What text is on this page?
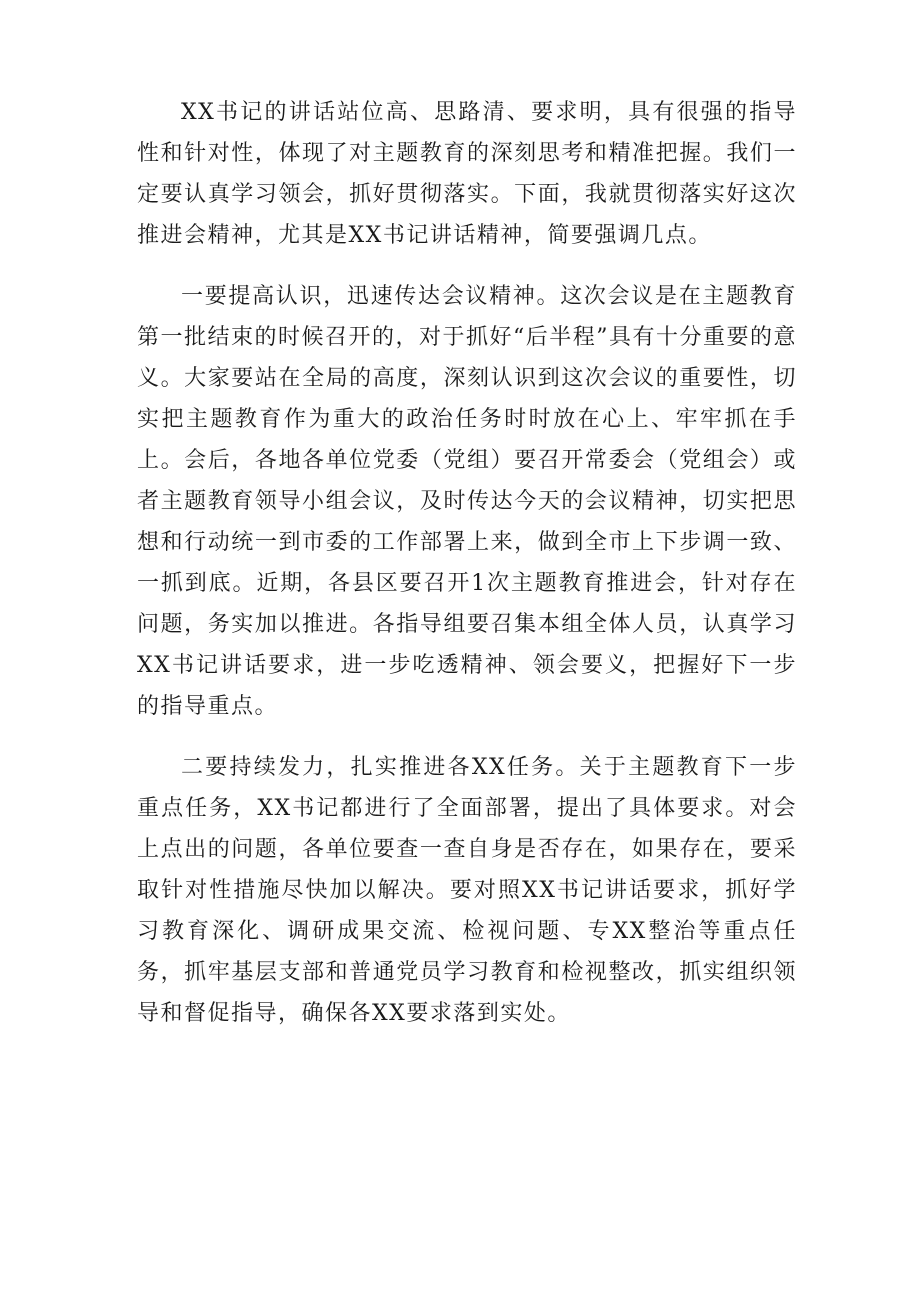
XX书记的讲话站位高、思路清、要求明，具有很强的指导性和针对性，体现了对主题教育的深刻思考和精准把握。我们一定要认真学习领会，抓好贯彻落实。下面，我就贯彻落实好这次推进会精神，尤其是XX书记讲话精神，简要强调几点。

一要提高认识，迅速传达会议精神。这次会议是在主题教育第一批结束的时候召开的，对于抓好“后半程”具有十分重要的意义。大家要站在全局的高度，深刻认识到这次会议的重要性，切实把主题教育作为重大的政治任务时时放在心上、牢牢抓在手上。会后，各地各单位党委（党组）要召开常委会（党组会）或者主题教育领导小组会议，及时传达今天的会议精神，切实把思想和行动统一到市委的工作部署上来，做到全市上下步调一致、一抓到底。近期，各县区要召开1次主题教育推进会，针对存在问题，务实加以推进。各指导组要召集本组全体人员，认真学习XX书记讲话要求，进一步吃透精神、领会要义，把握好下一步的指导重点。

二要持续发力，扎实推进各XX任务。关于主题教育下一步重点任务，XX书记都进行了全面部署，提出了具体要求。对会上点出的问题，各单位要查一查自身是否存在，如果存在，要采取针对性措施尽快加以解决。要对照XX书记讲话要求，抓好学习教育深化、调研成果交流、检视问题、专XX整治等重点任务，抓牢基层支部和普通党员学习教育和检视整改，抓实组织领导和督促指导，确保各XX要求落到实处。
